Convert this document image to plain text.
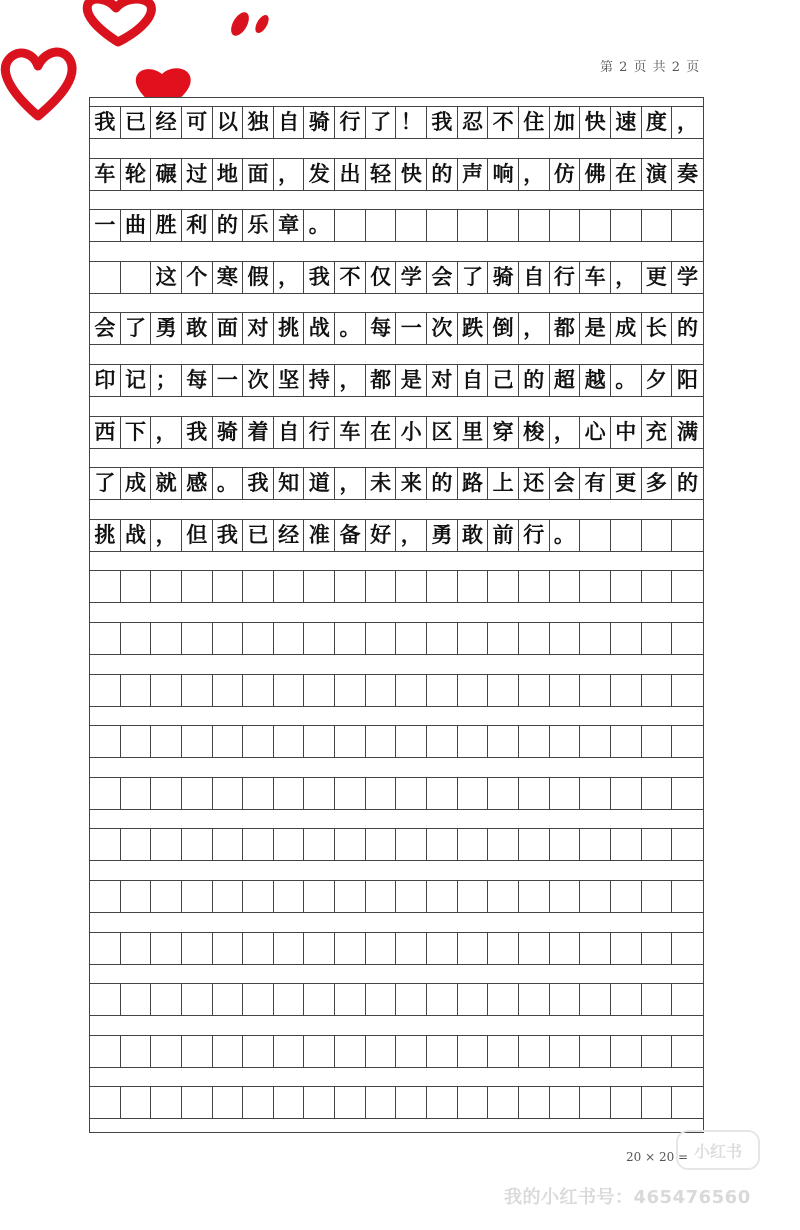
第 2 页 共 2 页
我 已 经 可 以 独 自 骑 行 了 ！ 我 忍 不 住 加 快 速 度 ，
车 轮 碾 过 地 面 ， 发 出 轻 快 的 声 响 ， 仿 佛 在 演 奏
一 曲 胜 利 的 乐 章 。
这 个 寒 假 ， 我 不 仅 学 会 了 骑 自 行 车 ， 更 学
会 了 勇 敢 面 对 挑 战 。 每 一 次 跌 倒 ， 都 是 成 长 的
印 记 ； 每 一 次 坚 持 ， 都 是 对 自 己 的 超 越 。 夕 阳
西 下 ， 我 骑 着 自 行 车 在 小 区 里 穿 梭 ， 心 中 充 满
了 成 就 感 。 我 知 道 ， 未 来 的 路 上 还 会 有 更 多 的
挑 战 ， 但 我 已 经 准 备 好 ， 勇 敢 前 行 。
20 × 20 = 小红书
我的小红书号：465476560
